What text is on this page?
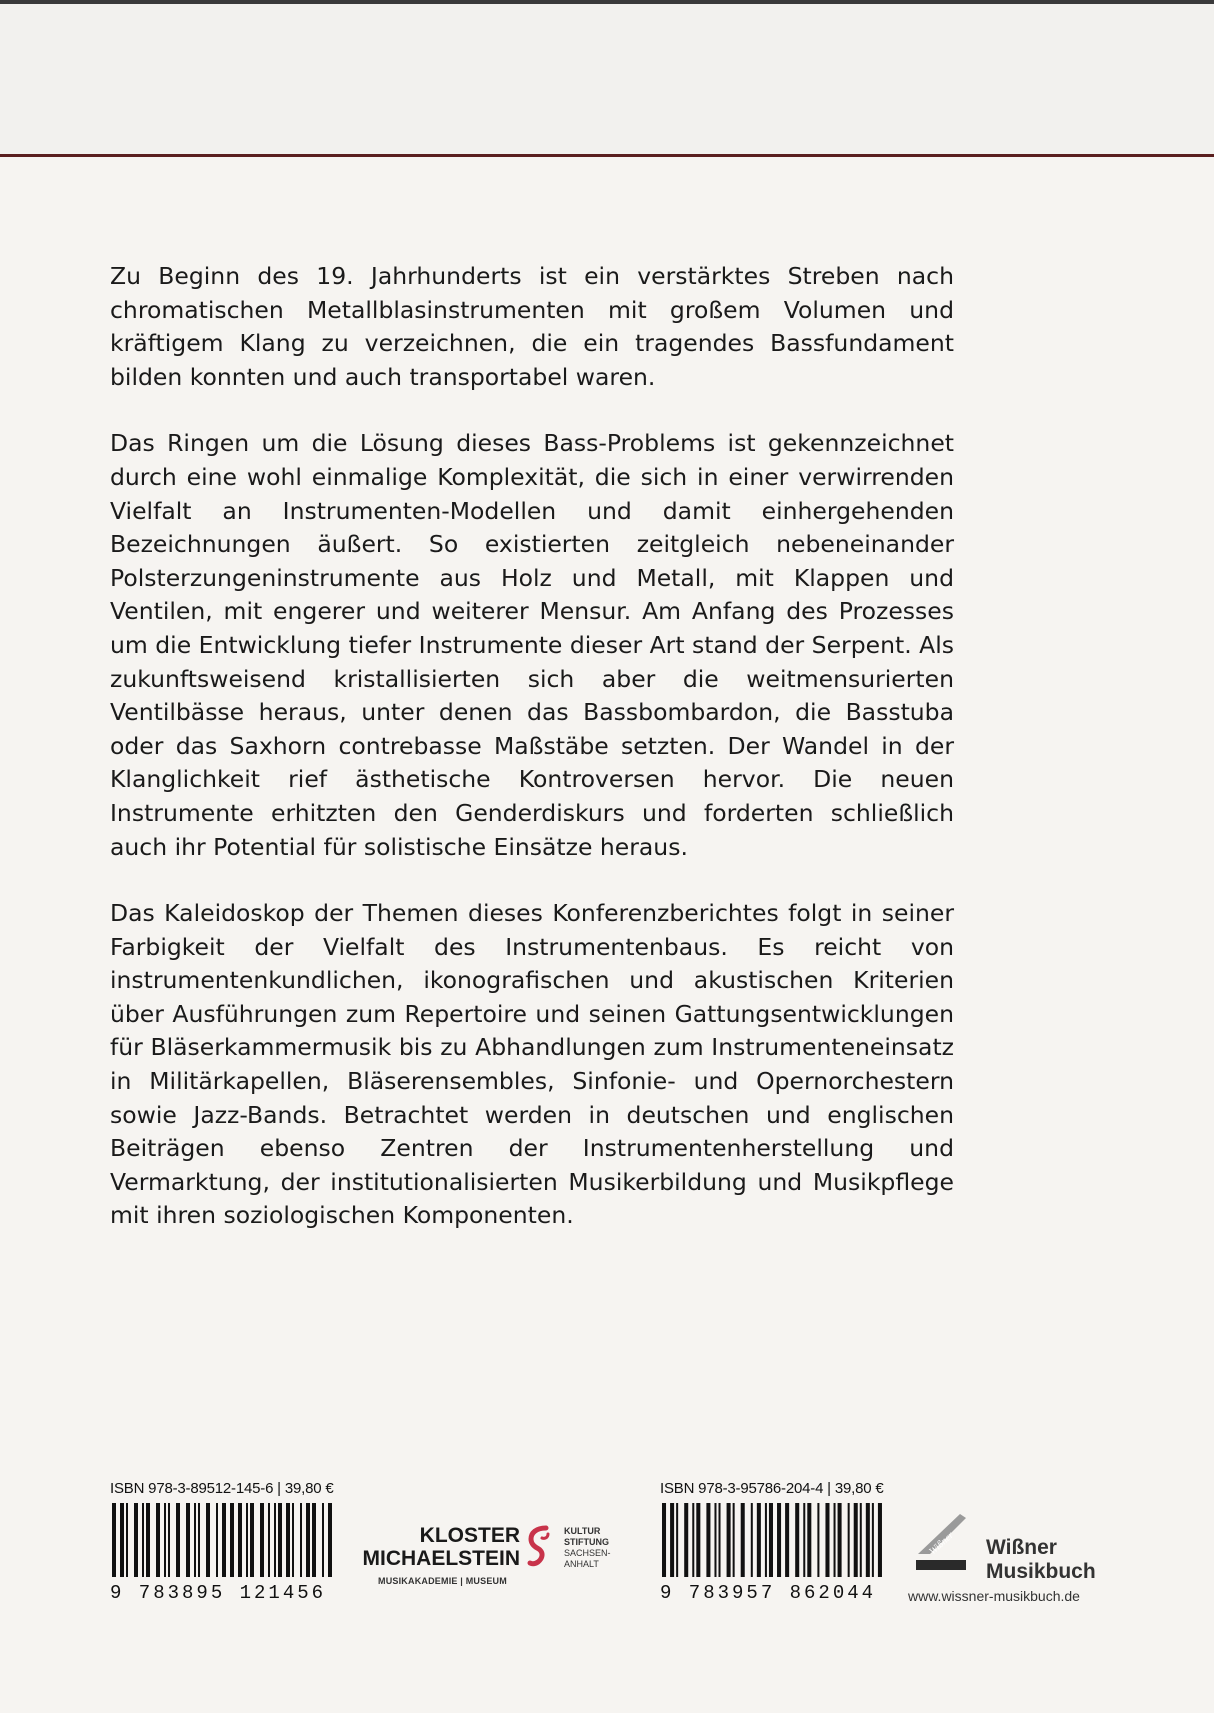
Zu Beginn des 19. Jahrhunderts ist ein verstärktes Streben nach chromatischen Metallblasinstrumenten mit großem Volumen und kräftigem Klang zu verzeichnen, die ein tragendes Bassfundament bilden konnten und auch transportabel waren.

Das Ringen um die Lösung dieses Bass-Problems ist gekennzeichnet durch eine wohl einmalige Komplexität, die sich in einer verwirrenden Vielfalt an Instrumenten-Modellen und damit einhergehenden Bezeichnungen äußert. So existierten zeitgleich nebeneinander Polsterzungeninstrumente aus Holz und Metall, mit Klappen und Ventilen, mit engerer und weiterer Mensur. Am Anfang des Prozesses um die Entwicklung tiefer Instrumente dieser Art stand der Serpent. Als zukunftsweisend kristallisierten sich aber die weitmensurierten Ventilbässe heraus, unter denen das Bassbombardon, die Basstuba oder das Saxhorn contrebasse Maßstäbe setzten. Der Wandel in der Klanglichkeit rief ästhetische Kontroversen hervor. Die neuen Instrumente erhitzten den Genderdiskurs und forderten schließlich auch ihr Potential für solistische Einsätze heraus.

Das Kaleidoskop der Themen dieses Konferenzberichtes folgt in seiner Farbigkeit der Vielfalt des Instrumentenbaus. Es reicht von instrumentenkundlichen, ikonografischen und akustischen Kriterien über Ausführungen zum Repertoire und seinen Gattungsentwicklungen für Bläserkammermusik bis zu Abhandlungen zum Instrumenteneinsatz in Militärkapellen, Bläserensembles, Sinfonie- und Opernorchestern sowie Jazz-Bands. Betrachtet werden in deutschen und englischen Beiträgen ebenso Zentren der Instrumentenherstellung und Vermarktung, der institutionalisierten Musikerbildung und Musikpflege mit ihren soziologischen Komponenten.

ISBN 978-3-89512-145-6 | 39,80 €
9 783895 121456
KLOSTER
MICHAELSTEIN
MUSIKAKADEMIE | MUSEUM
KULTUR
STIFTUNG
SACHSEN-
ANHALT
ISBN 978-3-95786-204-4 | 39,80 €
9 783957 862044
Wißner Wißner
Musikbuch
www.wissner-musikbuch.de
